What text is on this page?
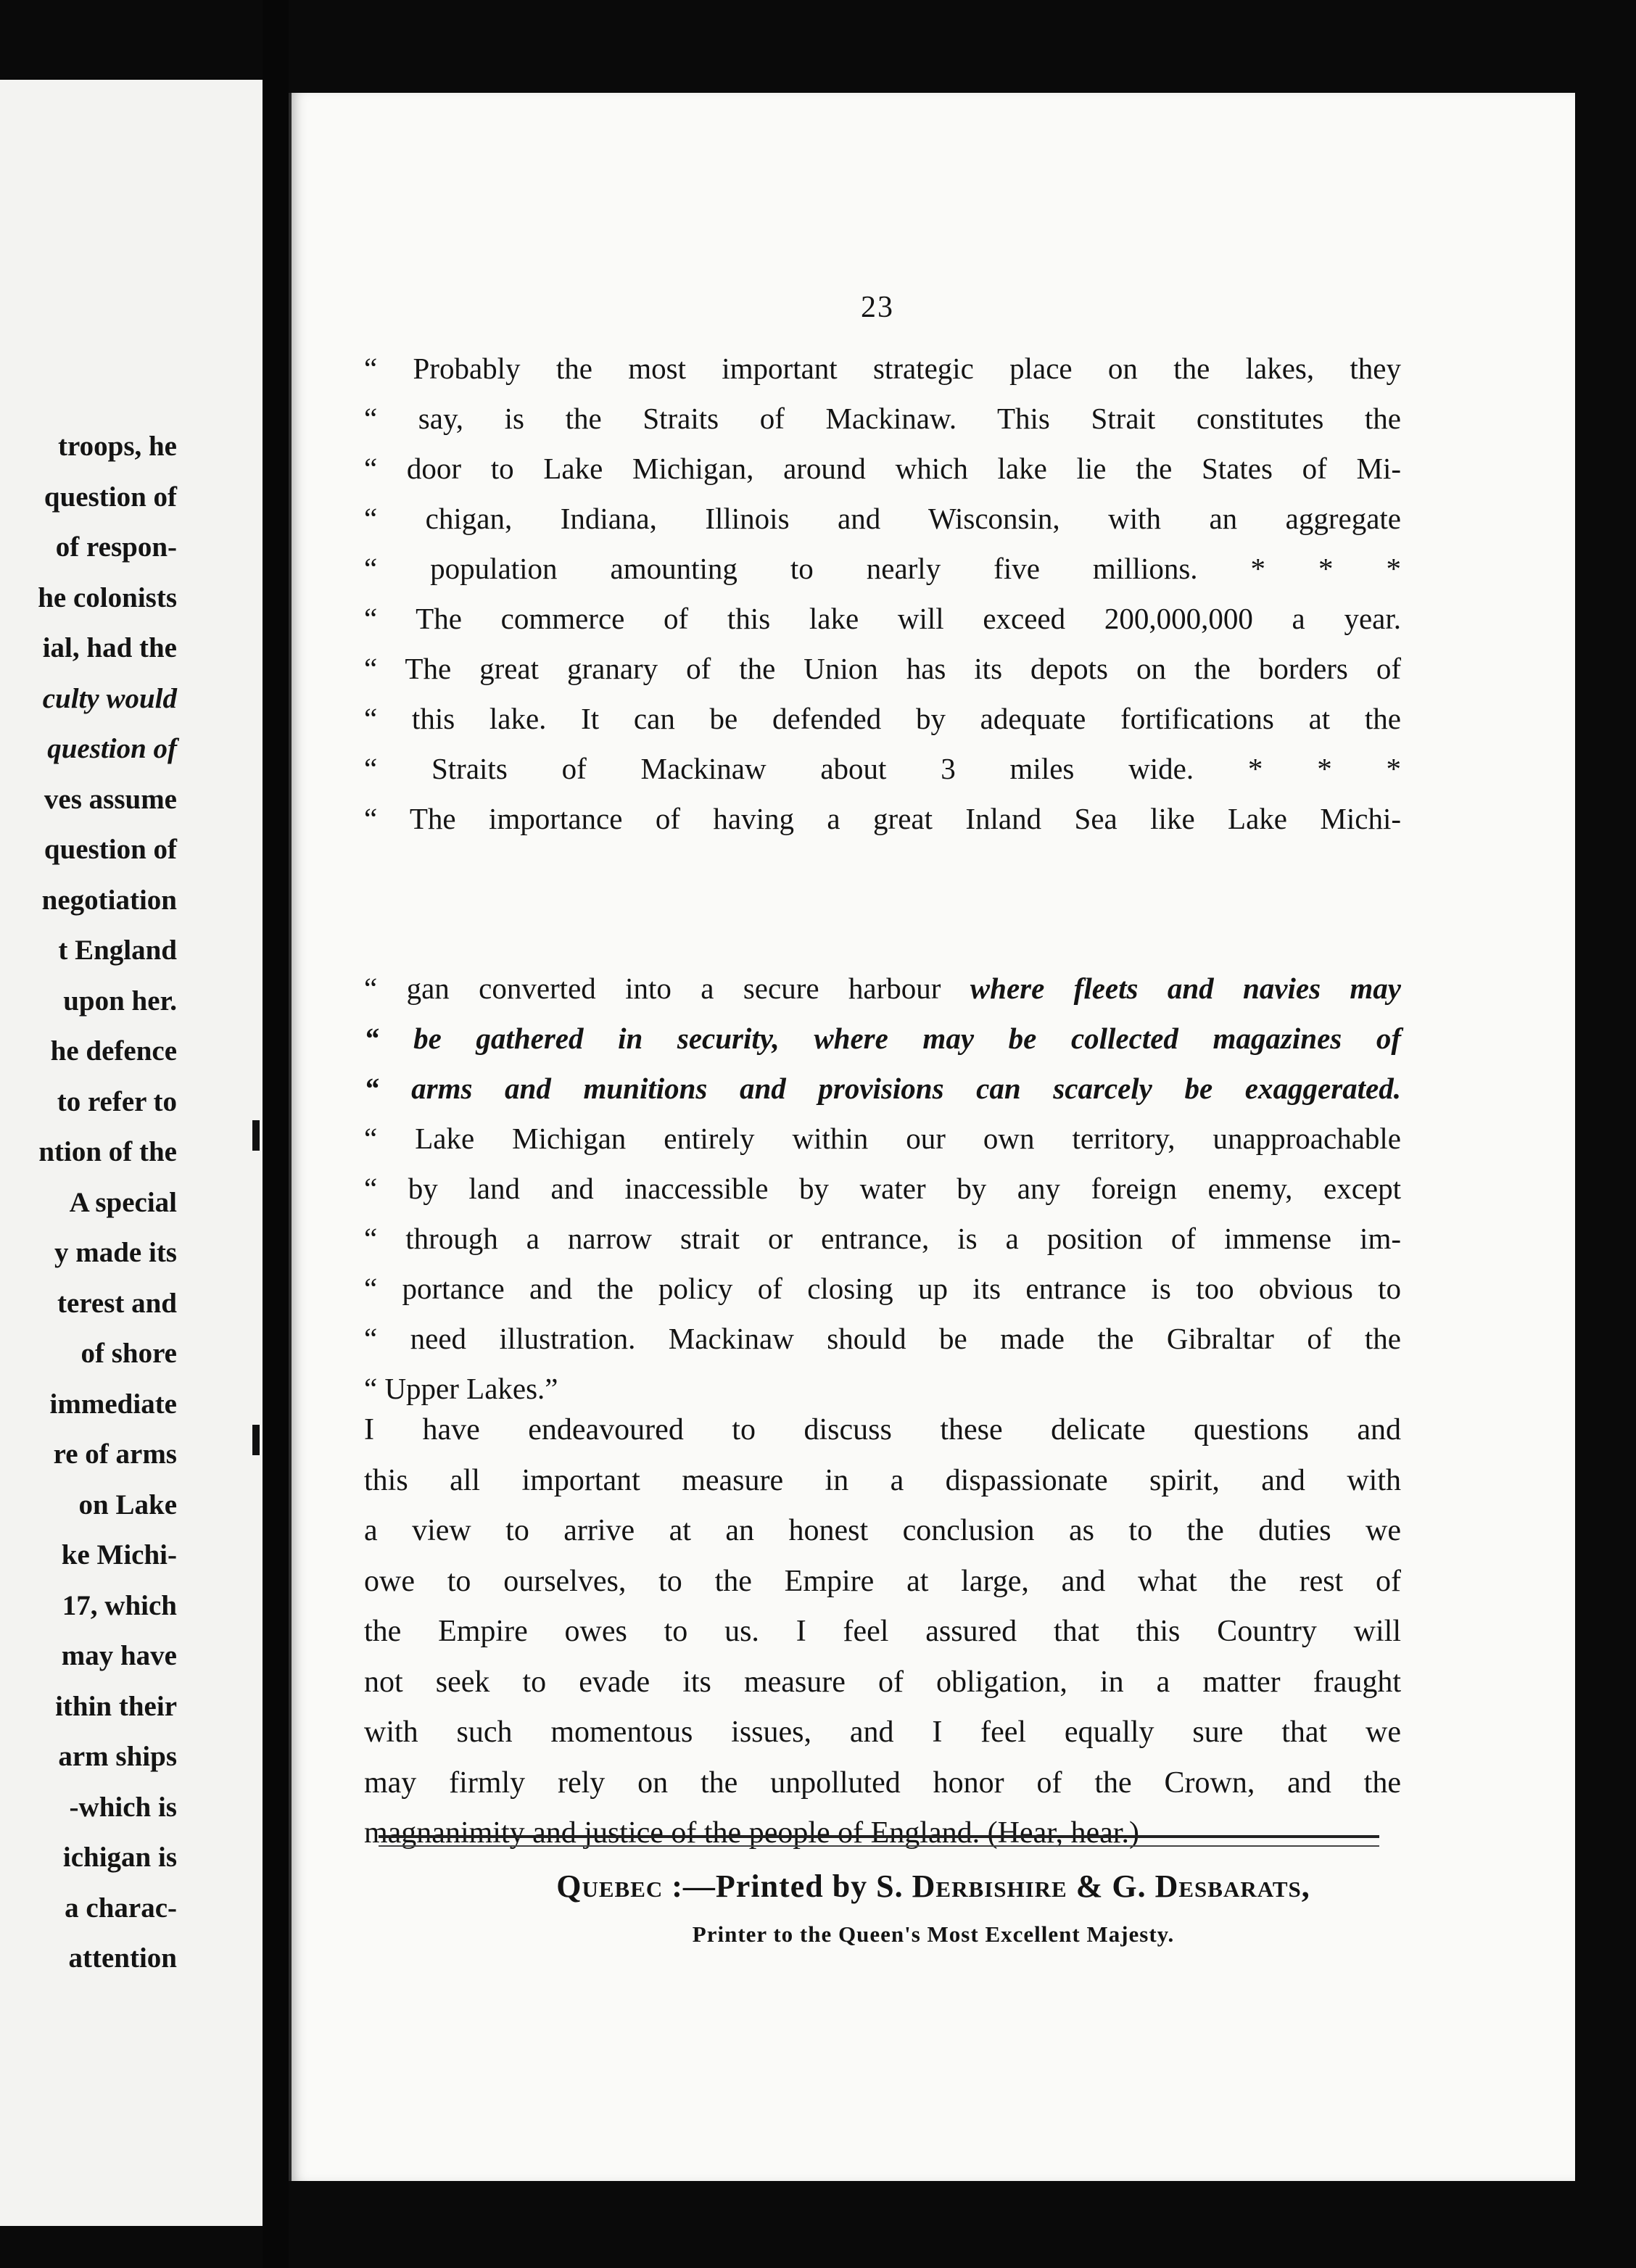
troops, he
question of
of respon-
he colonists
ial, had the
culty would
question of
ves assume
question of
negotiation
t England
upon her.
he defence
to refer to
ntion of the
A special
y made its
terest and
of shore
immediate
re of arms
on Lake
ke Michi-
17, which
may have
ithin their
arm ships
-which is
ichigan is
a charac-
attention
23
“ Probably the most important strategic place on the lakes, they
“ say, is the Straits of Mackinaw. This Strait constitutes the
“ door to Lake Michigan, around which lake lie the States of Mi-
“ chigan, Indiana, Illinois and Wisconsin, with an aggregate
“ population amounting to nearly five millions. * * *
“ The commerce of this lake will exceed 200,000,000 a year.
“ The great granary of the Union has its depots on the borders of
“ this lake. It can be defended by adequate fortifications at the
“ Straits of Mackinaw about 3 miles wide. * * *
“ The importance of having a great Inland Sea like Lake Michi-
“ gan converted into a secure harbour where fleets and navies may
“ be gathered in security, where may be collected magazines of
“ arms and munitions and provisions can scarcely be exaggerated.
“ Lake Michigan entirely within our own territory, unapproachable
“ by land and inaccessible by water by any foreign enemy, except
“ through a narrow strait or entrance, is a position of immense im-
“ portance and the policy of closing up its entrance is too obvious to
“ need illustration. Mackinaw should be made the Gibraltar of the
“ Upper Lakes.”
I have endeavoured to discuss these delicate questions and
this all important measure in a dispassionate spirit, and with
a view to arrive at an honest conclusion as to the duties we
owe to ourselves, to the Empire at large, and what the rest of
the Empire owes to us. I feel assured that this Country will
not seek to evade its measure of obligation, in a matter fraught
with such momentous issues, and I feel equally sure that we
may firmly rely on the unpolluted honor of the Crown, and the
magnanimity and justice of the people of England. (Hear, hear.)
Quebec :—Printed by S. Derbishire & G. Desbarats,
Printer to the Queen's Most Excellent Majesty.
